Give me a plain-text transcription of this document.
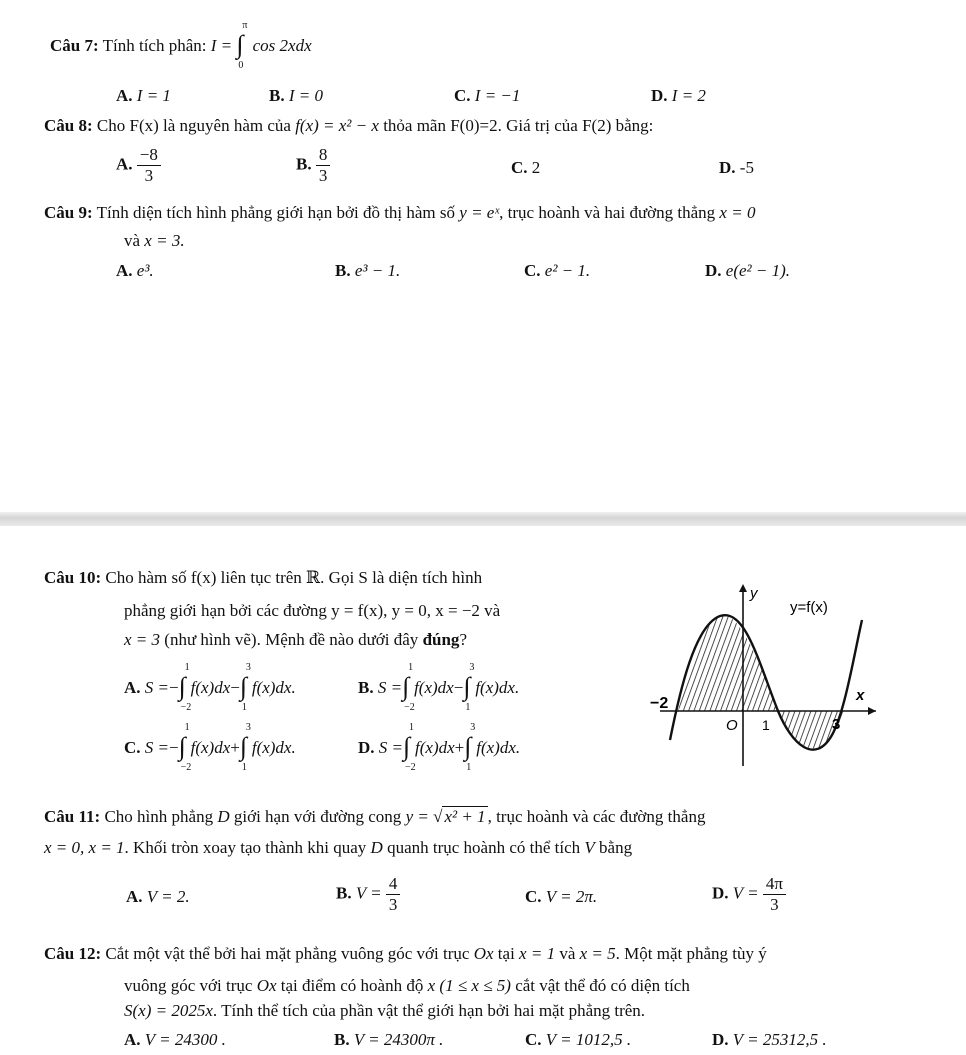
Câu 7: Tính tích phân: I = ∫
π
0
cos 2xdx
A. I = 1	B. I = 0	C. I = −1	D. I = 2
Câu 8: Cho F(x) là nguyên hàm của f(x) = x² − x thỏa mãn F(0)=2. Giá trị của F(2) bằng:
A. $\frac{-8}{3}$	B. $\frac{8}{3}$	C. 2	D. -5
Câu 9: Tính diện tích hình phẳng giới hạn bởi đồ thị hàm số y = eˣ, trục hoành và hai đường thẳng x = 0
và x = 3.
A. e³.	B. e³ − 1.	C. e² − 1.	D. e(e² − 1).
Câu 10: Cho hàm số f(x) liên tục trên ℝ. Gọi S là diện tích hình
phẳng giới hạn bởi các đường y = f(x), y = 0, x = −2 và
x = 3 (như hình vẽ). Mệnh đề nào dưới đây đúng?
A. S =− ∫
1
−2
f(x)dx− ∫
3
1
f(x)dx.	B. S = ∫
1
−2
f(x)dx− ∫
3
1
f(x)dx.
C. S =− ∫
1
−2
f(x)dx+ ∫
3
1
f(x)dx.	D. S = ∫
1
−2
f(x)dx+ ∫
3
1
f(x)dx.
y
x
y=f(x)
O
−2
1	3
Câu 11: Cho hình phẳng D giới hạn với đường cong y = √ x² + 1 , trục hoành và các đường thẳng
x = 0, x = 1. Khối tròn xoay tạo thành khi quay D quanh trục hoành có thể tích V bằng
A. V = 2.	B. $V = \frac{4}{3}$	C. V = 2π.	D. $V = \frac{4\pi}{3}$
Câu 12: Cắt một vật thể bởi hai mặt phẳng vuông góc với trục Ox tại x = 1 và x = 5. Một mặt phẳng tùy ý
vuông góc với trục Ox tại điểm có hoành độ x (1 ≤ x ≤ 5) cắt vật thể đó có diện tích
S(x) = 2025x. Tính thể tích của phần vật thể giới hạn bởi hai mặt phẳng trên.
A. V = 24300 .	B. V = 24300π .	C. V = 1012,5 .	D. V = 25312,5 .
